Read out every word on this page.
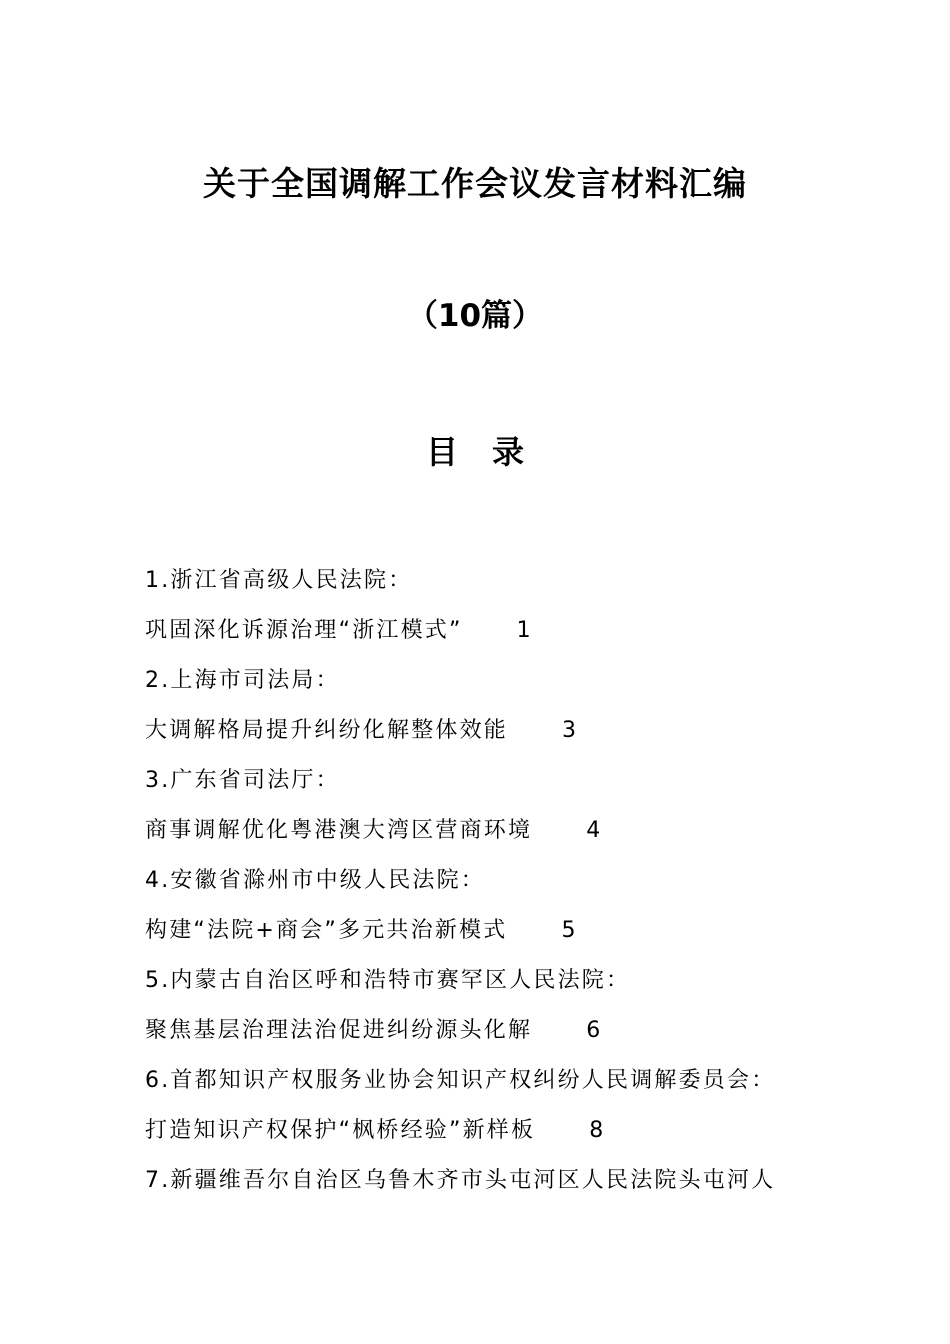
关于全国调解工作会议发言材料汇编
（10篇）
目录
1.浙江省高级人民法院：
巩固深化诉源治理“浙江模式” 1
2.上海市司法局：
大调解格局提升纠纷化解整体效能 3
3.广东省司法厅：
商事调解优化粤港澳大湾区营商环境 4
4.安徽省滁州市中级人民法院：
构建“法院+商会”多元共治新模式 5
5.内蒙古自治区呼和浩特市赛罕区人民法院：
聚焦基层治理法治促进纠纷源头化解 6
6.首都知识产权服务业协会知识产权纠纷人民调解委员会：
打造知识产权保护“枫桥经验”新样板 8
7.新疆维吾尔自治区乌鲁木齐市头屯河区人民法院头屯河人
